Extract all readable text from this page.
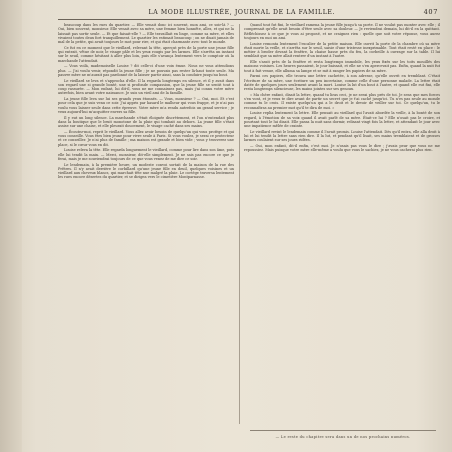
LA MODE ILLUSTRÉE, JOURNAL DE LA FAMILLE.	407

beaucoup dans les rues du quartier. — Elle venait donc ici souvent, mon ami, ce soir-là ? — Oui, bien souvent, monsieur. Elle venait avec sa mère, une femme bien honnête, allez, et qui ne la laissait pas sortir seule. — Et que faisait-elle ? — Elle travaillait en linge, comme sa mère, et elles vivaient toutes deux fort tranquillement. Le quartier les estimait beaucoup ; on ne disait jamais de mal de la petite, qui avait toujours le mot pour rire, et qui était charmante avec tout le monde.

Ce fut en ce moment que le vieillard, relevant la tête, aperçut près de la porte une jeune fille qui entrait, vêtue de noir, le visage pâle et les yeux rougis par les larmes. Elle s'arrêta un instant sur le seuil, comme hésitant à aller plus loin, puis elle s'avança lentement vers le comptoir où la marchande l'attendait.

— Vous voilà, mademoiselle Louise ? dit celle-ci d'une voix émue. Nous ne vous attendions plus. — J'ai voulu venir, répondit la jeune fille ; je ne pouvais pas rester là-haut toute seule. Ma pauvre mère ne m'aurait pas pardonné de la laisser partir ainsi, sans la conduire jusqu'au bout.

Le vieillard se leva et s'approcha d'elle. Il la regarda longtemps en silence, et il y avait dans son regard une si grande bonté, une si profonde compassion, que la jeune fille se sentit tout à coup rassurée. — Mon enfant, lui dit-il, vous ne me connaissez pas, mais j'ai connu votre mère autrefois, bien avant votre naissance. Je suis un vieil ami de la famille.

La jeune fille leva sur lui ses grands yeux étonnés. — Vous, monsieur ? — Oui, moi. Et c'est pour cela que je suis venu ce soir. J'ai appris par hasard le malheur qui vous frappe, et je n'ai pas voulu vous laisser seule dans cette épreuve. Votre mère m'a rendu autrefois un grand service ; je veux aujourd'hui m'acquitter envers sa fille.

Il y eut un long silence. La marchande s'était éloignée discrètement, et l'on n'entendait plus dans la boutique que le bruit monotone de la pluie qui tombait au dehors. La jeune fille s'était assise sur une chaise, et elle pleurait doucement, le visage caché dans ses mains.

— Écoutez-moi, reprit le vieillard. Vous allez avoir besoin de quelqu'un qui vous protège et qui vous conseille. Vous êtes bien jeune pour vivre seule à Paris. Si vous voulez, je serai ce protecteur et ce conseiller. Je n'ai plus de famille ; ma maison est grande et bien vide ; vous y trouverez une place, si le cœur vous en dit.

Louise releva la tête. Elle regarda longuement le vieillard, comme pour lire dans son âme, puis elle lui tendit la main. — Merci, monsieur, dit-elle simplement. Je ne sais pas encore ce que je ferai, mais je me souviendrai toujours de ce que vous venez de me dire ce soir.

Le lendemain, à la première heure, un modeste convoi sortait de la maison de la rue des Prêtres. Il n'y avait derrière le corbillard qu'une jeune fille en deuil, quelques voisines et un vieillard aux cheveux blancs, qui marchait tête nue malgré la pluie. Le cortège traversa lentement les rues encore désertes du quartier, et se dirigea vers le cimetière Montparnasse.

Quand tout fut fini, le vieillard ramena la jeune fille jusqu'à sa porte. Il ne voulut pas monter avec elle ; il comprenait qu'elle avait besoin d'être seule avec sa douleur. — Je reviendrai demain, lui dit-il en la quittant. Réfléchissez à ce que je vous ai proposé, et ne craignez rien : quelle que soit votre réponse, vous aurez toujours en moi un ami.

Louise remonta lentement l'escalier de la petite maison. Elle ouvrit la porte de la chambre où sa mère était morte la veille, et s'arrêta sur le seuil, saisie d'une tristesse inexprimable. Tout était resté en place : le métier à broder devant la fenêtre, la chaise basse près du feu, la corbeille à ouvrage sur la table. Il lui semblait que sa mère allait rentrer d'un instant à l'autre.

Elle s'assit près de la fenêtre et resta longtemps immobile, les yeux fixés sur les toits mouillés des maisons voisines. Les heures passaient, le jour baissait, et elle ne s'en apercevait pas. Enfin, quand la nuit fut tout à fait venue, elle alluma sa lampe et se mit à ranger les papiers de sa mère.

Parmi ces papiers, elle trouva une lettre cachetée, à son adresse, qu'elle ouvrit en tremblant. C'était l'écriture de sa mère, une écriture un peu incertaine, comme celle d'une personne malade. La lettre était datée de quelques jours seulement avant la mort. Louise la lut d'un bout à l'autre, et quand elle eut fini, elle resta longtemps silencieuse, les mains jointes sur ses genoux.

« Ma chère enfant, disait la lettre, quand tu liras ceci, je ne serai plus près de toi. Je sens que mes forces s'en vont, et je veux te dire avant de partir un secret que je t'ai caché jusqu'ici. Tu n'es pas seule au monde comme tu le crois. Il existe quelqu'un qui a le droit et le devoir de veiller sur toi. Ce quelqu'un, tu le reconnaîtras au premier mot qu'il te dira de moi. »

Louise replia lentement la lettre. Elle pensait au vieillard qui l'avait abordée la veille, à la bonté de son regard, à l'émotion de sa voix quand il avait parlé de sa mère. Était-ce lui ? Elle n'osait pas le croire, et pourtant tout le lui disait. Elle passa la nuit sans dormir, relisant vingt fois la lettre, et attendant le jour avec une impatience mêlée de crainte.

Le vieillard revint le lendemain comme il l'avait promis. Louise l'attendait. Dès qu'il entra, elle alla droit à lui et lui tendit la lettre sans rien dire. Il la lut, et pendant qu'il lisait, ses mains tremblaient et de grosses larmes coulaient sur ses joues ridées.

— Oui, mon enfant, dit-il enfin, c'est moi. Je n'osais pas vous le dire ; j'avais peur que vous ne me repoussiez. Mais puisque votre mère elle-même a voulu que vous le sachiez, je ne vous cacherai plus rien.

— Le reste du chapitre sera dans un de nos prochains numéros.
